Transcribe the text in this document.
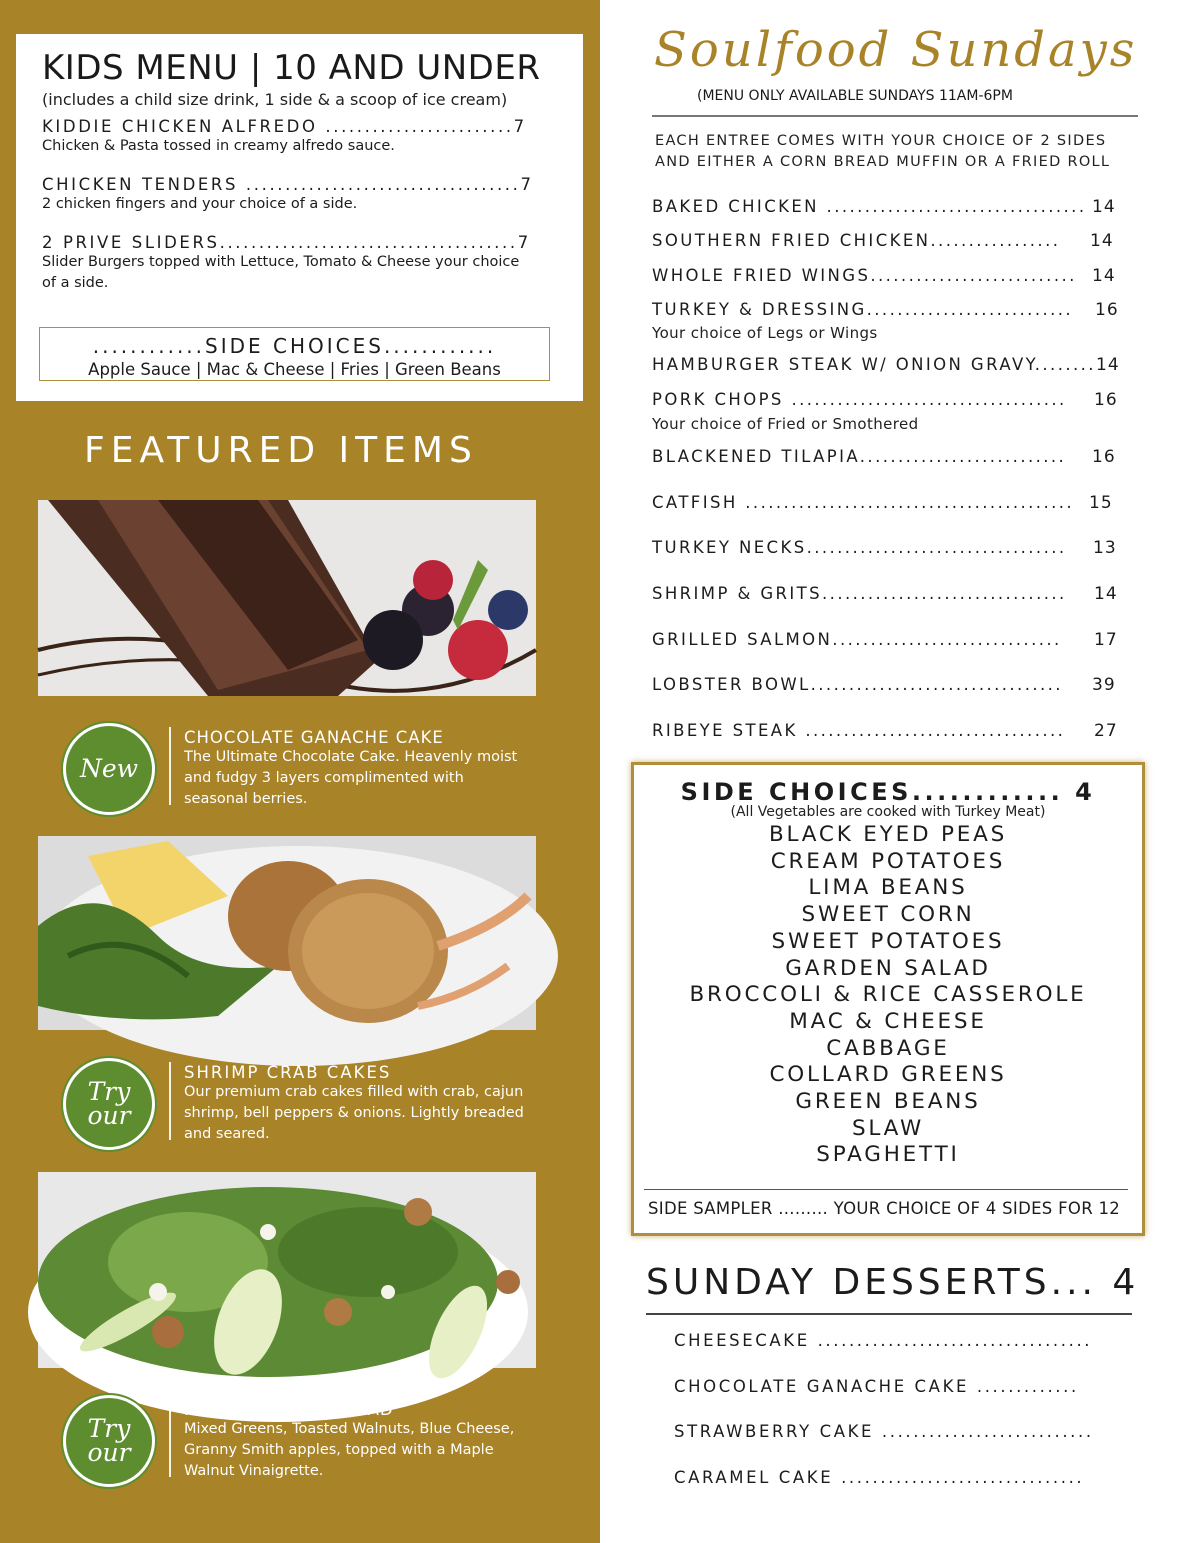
KIDS MENU | 10 AND UNDER
(includes a child size drink, 1 side & a scoop of ice cream)
KIDDIE CHICKEN ALFREDO ........................7
Chicken & Pasta tossed in creamy alfredo sauce.
CHICKEN TENDERS ...................................7
2 chicken fingers and your choice of a side.
2 PRIVE SLIDERS......................................7
Slider Burgers topped with Lettuce, Tomato & Cheese your choice of a side.
............SIDE CHOICES............
Apple Sauce | Mac & Cheese | Fries | Green Beans
FEATURED ITEMS
New
CHOCOLATE GANACHE CAKE
The Ultimate Chocolate Cake. Heavenly moist and fudgy 3 layers complimented with seasonal berries.
Try our
SHRIMP CRAB CAKES
Our premium crab cakes filled with crab, cajun shrimp, bell peppers & onions. Lightly breaded and seared.
Try our
MAPLE WALNUT SALAD
Mixed Greens, Toasted Walnuts, Blue Cheese, Granny Smith apples, topped with a Maple Walnut Vinaigrette.
Soulfood Sundays
(MENU ONLY AVAILABLE SUNDAYS 11AM-6PM
EACH ENTREE COMES WITH YOUR CHOICE OF 2 SIDES AND EITHER A CORN BREAD MUFFIN OR A FRIED ROLL
BAKED CHICKEN .................................. 14
SOUTHERN FRIED CHICKEN.................	14
WHOLE FRIED WINGS........................... 14
TURKEY & DRESSING........................... 16
Your choice of Legs or Wings
HAMBURGER STEAK W/ ONION GRAVY........ 14
PORK CHOPS ....................................	16
Your choice of Fried or Smothered
BLACKENED TILAPIA...........................	16
CATFISH ........................................... 15
TURKEY NECKS..................................	13
SHRIMP & GRITS................................	14
GRILLED SALMON..............................	17
LOBSTER BOWL.................................	39
RIBEYE STEAK ..................................	27
SIDE CHOICES............ 4
(All Vegetables are cooked with Turkey Meat)
BLACK EYED PEAS
CREAM POTATOES
LIMA BEANS
SWEET CORN
SWEET POTATOES
GARDEN SALAD
BROCCOLI & RICE CASSEROLE
MAC & CHEESE
CABBAGE
COLLARD GREENS
GREEN BEANS
SLAW
SPAGHETTI
SIDE SAMPLER ......... YOUR CHOICE OF 4 SIDES FOR 12
SUNDAY DESSERTS... 4
CHEESECAKE ...................................
CHOCOLATE GANACHE CAKE .............
STRAWBERRY CAKE ...........................
CARAMEL CAKE ...............................
